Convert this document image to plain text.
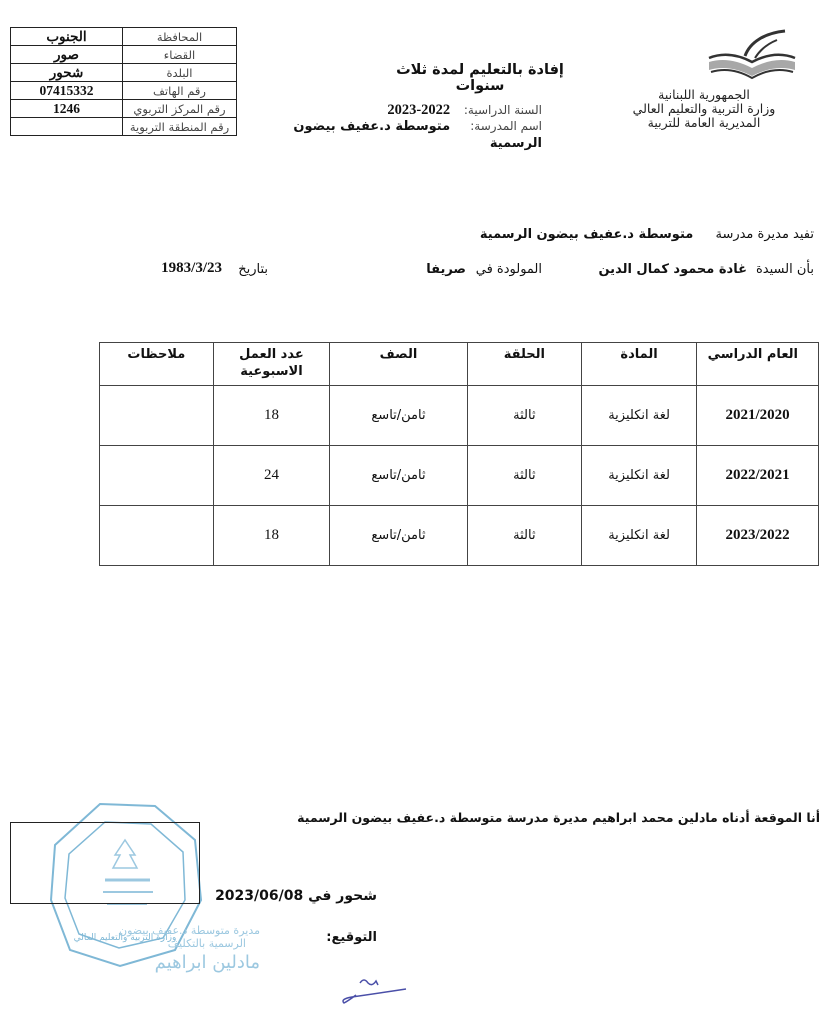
المحافظة	الجنوب
القضاء	صور
البلدة	شحور
رقم الهاتف	07415332
رقم المركز التربوي	1246
رقم المنطقة التربوية	
الجمهورية اللبنانية
وزارة التربية والتعليم العالي
المديرية العامة للتربية
إفادة بالتعليم لمدة ثلاث سنوات
السنة الدراسية: 2023-2022
اسم المدرسة: متوسطة د.عفيف بيضون الرسمية
تفيد مديرة مدرسة متوسطة د.عفيف بيضون الرسمية
بأن السيدة
غادة محمود كمال الدين
المولودة في
صريفا
بتاريخ
1983/3/23
العام الدراسي	المادة	الحلقة	الصف	عدد العمل الاسبوعية	ملاحظات
2021/2020	لغة انكليزية	ثالثة	ثامن/تاسع	18	
2022/2021	لغة انكليزية	ثالثة	ثامن/تاسع	24	
2023/2022	لغة انكليزية	ثالثة	ثامن/تاسع	18	
أنا الموقعة أدناه مادلين محمد ابراهيم مديرة مدرسة متوسطة د.عفيف بيضون الرسمية
وزارة التربية والتعليم العالي
شحور في 2023/06/08
مديرة متوسطة د.عفيف بيضون
الرسمية بالتكليف
مادلين ابراهيم
التوقيع:
